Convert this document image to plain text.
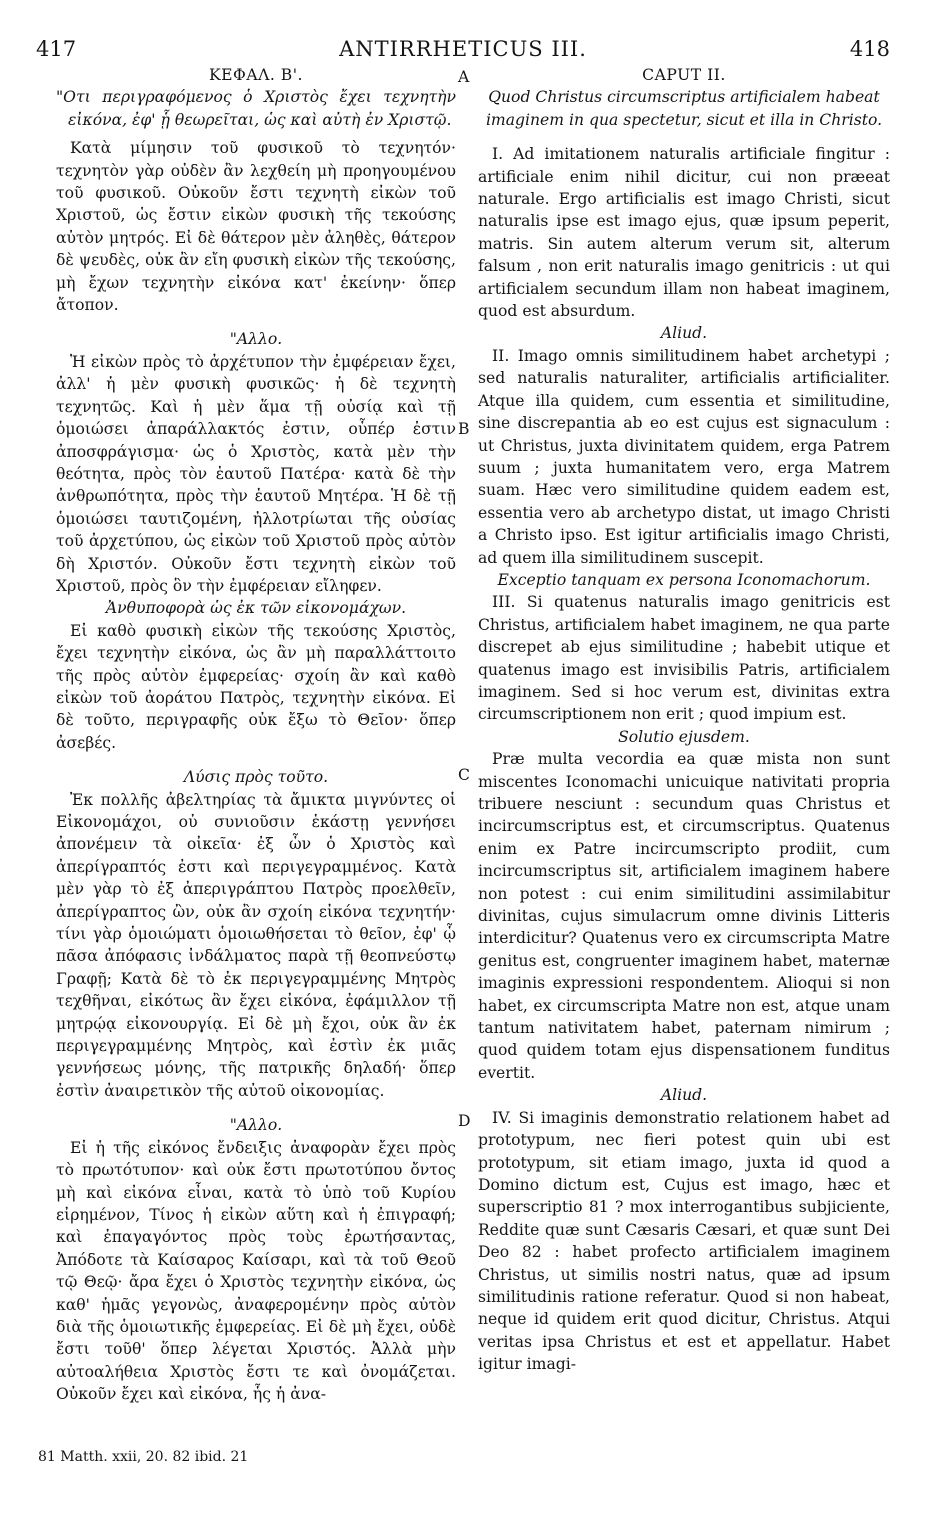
417	ANTIRRHETICUS III.	418
A
B
C
D

ΚΕΦΑΛ. Β'.

"Οτι περιγραφόμενος ὁ Χριστὸς ἔχει τεχνητὴν εἰκόνα, ἐφ' ᾗ θεωρεῖται, ὡς καὶ αὐτὴ ἐν Χριστῷ.

Κατὰ μίμησιν τοῦ φυσικοῦ τὸ τεχνητόν· τεχνητὸν γὰρ οὐδὲν ἂν λεχθείη μὴ προηγουμένου τοῦ φυσικοῦ. Οὐκοῦν ἔστι τεχνητὴ εἰκὼν τοῦ Χριστοῦ, ὡς ἔστιν εἰκὼν φυσικὴ τῆς τεκούσης αὐτὸν μητρός. Εἰ δὲ θάτερον μὲν ἀληθὲς, θάτερον δὲ ψευδὲς, οὐκ ἂν εἴη φυσικὴ εἰκὼν τῆς τεκούσης, μὴ ἔχων τεχνητὴν εἰκόνα κατ' ἐκείνην· ὅπερ ἄτοπον.

"Αλλο.

Ἡ εἰκὼν πρὸς τὸ ἀρχέτυπον τὴν ἐμφέρειαν ἔχει, ἀλλ' ἡ μὲν φυσικὴ φυσικῶς· ἡ δὲ τεχνητὴ τεχνητῶς. Καὶ ἡ μὲν ἅμα τῇ οὐσίᾳ καὶ τῇ ὁμοιώσει ἀπαράλλακτός ἐστιν, οὗπέρ ἐστιν ἀποσφράγισμα· ὡς ὁ Χριστὸς, κατὰ μὲν τὴν θεότητα, πρὸς τὸν ἑαυτοῦ Πατέρα· κατὰ δὲ τὴν ἀνθρωπότητα, πρὸς τὴν ἑαυτοῦ Μητέρα. Ἡ δὲ τῇ ὁμοιώσει ταυτιζομένη, ἠλλοτρίωται τῆς οὐσίας τοῦ ἀρχετύπου, ὡς εἰκὼν τοῦ Χριστοῦ πρὸς αὐτὸν δὴ Χριστόν. Οὐκοῦν ἔστι τεχνητὴ εἰκὼν τοῦ Χριστοῦ, πρὸς ὃν τὴν ἐμφέρειαν εἴληφεν.

Ἀνθυποφορὰ ὡς ἐκ τῶν εἰκονομάχων.

Εἰ καθὸ φυσικὴ εἰκὼν τῆς τεκούσης Χριστὸς, ἔχει τεχνητὴν εἰκόνα, ὡς ἂν μὴ παραλλάττοιτο τῆς πρὸς αὐτὸν ἐμφερείας· σχοίη ἂν καὶ καθὸ εἰκὼν τοῦ ἀοράτου Πατρὸς, τεχνητὴν εἰκόνα. Εἰ δὲ τοῦτο, περιγραφῆς οὐκ ἔξω τὸ Θεῖον· ὅπερ ἀσεβές.

Λύσις πρὸς τοῦτο.

Ἐκ πολλῆς ἀβελτηρίας τὰ ἄμικτα μιγνύντες οἱ Εἰκονομάχοι, οὐ συνιοῦσιν ἑκάστῃ γεννήσει ἀπονέμειν τὰ οἰκεῖα· ἐξ ὧν ὁ Χριστὸς καὶ ἀπερίγραπτός ἐστι καὶ περιγεγραμμένος. Κατὰ μὲν γὰρ τὸ ἐξ ἀπεριγράπτου Πατρὸς προελθεῖν, ἀπερίγραπτος ὢν, οὐκ ἂν σχοίη εἰκόνα τεχνητήν· τίνι γὰρ ὁμοιώματι ὁμοιωθήσεται τὸ θεῖον, ἐφ' ᾧ πᾶσα ἀπόφασις ἰνδάλματος παρὰ τῇ θεοπνεύστῳ Γραφῇ; Κατὰ δὲ τὸ ἐκ περιγεγραμμένης Μητρὸς τεχθῆναι, εἰκότως ἂν ἔχει εἰκόνα, ἐφάμιλλον τῇ μητρῴᾳ εἰκονουργίᾳ. Εἰ δὲ μὴ ἔχοι, οὐκ ἂν ἐκ περιγεγραμμένης Μητρὸς, καὶ ἐστὶν ἐκ μιᾶς γεννήσεως μόνης, τῆς πατρικῆς δηλαδή· ὅπερ ἐστὶν ἀναιρετικὸν τῆς αὐτοῦ οἰκονομίας.

"Αλλο.

Εἰ ἡ τῆς εἰκόνος ἔνδειξις ἀναφορὰν ἔχει πρὸς τὸ πρωτότυπον· καὶ οὐκ ἔστι πρωτοτύπου ὄντος μὴ καὶ εἰκόνα εἶναι, κατὰ τὸ ὑπὸ τοῦ Κυρίου εἰρημένον, Τίνος ἡ εἰκὼν αὕτη καὶ ἡ ἐπιγραφή; καὶ ἐπαγαγόντος πρὸς τοὺς ἐρωτήσαντας, Ἀπόδοτε τὰ Καίσαρος Καίσαρι, καὶ τὰ τοῦ Θεοῦ τῷ Θεῷ· ἄρα ἔχει ὁ Χριστὸς τεχνητὴν εἰκόνα, ὡς καθ' ἡμᾶς γεγονὼς, ἀναφερομένην πρὸς αὐτὸν διὰ τῆς ὁμοιωτικῆς ἐμφερείας. Εἰ δὲ μὴ ἔχει, οὐδὲ ἔστι τοῦθ' ὅπερ λέγεται Χριστός. Ἀλλὰ μὴν αὐτοαλήθεια Χριστὸς ἔστι τε καὶ ὀνομάζεται. Οὐκοῦν ἔχει καὶ εἰκόνα, ἧς ἡ ἀνα-

CAPUT II.

Quod Christus circumscriptus artificialem habeat imaginem in qua spectetur, sicut et illa in Christo.

I. Ad imitationem naturalis artificiale fingitur : artificiale enim nihil dicitur, cui non præeat naturale. Ergo artificialis est imago Christi, sicut naturalis ipse est imago ejus, quæ ipsum peperit, matris. Sin autem alterum verum sit, alterum falsum , non erit naturalis imago genitricis : ut qui artificialem secundum illam non habeat imaginem, quod est absurdum.

Aliud.

II. Imago omnis similitudinem habet archetypi ; sed naturalis naturaliter, artificialis artificialiter. Atque illa quidem, cum essentia et similitudine, sine discrepantia ab eo est cujus est signaculum : ut Christus, juxta divinitatem quidem, erga Patrem suum ; juxta humanitatem vero, erga Matrem suam. Hæc vero similitudine quidem eadem est, essentia vero ab archetypo distat, ut imago Christi a Christo ipso. Est igitur artificialis imago Christi, ad quem illa similitudinem suscepit.

Exceptio tanquam ex persona Iconomachorum.

III. Si quatenus naturalis imago genitricis est Christus, artificialem habet imaginem, ne qua parte discrepet ab ejus similitudine ; habebit utique et quatenus imago est invisibilis Patris, artificialem imaginem. Sed si hoc verum est, divinitas extra circumscriptionem non erit ; quod impium est.

Solutio ejusdem.

Præ multa vecordia ea quæ mista non sunt miscentes Iconomachi unicuique nativitati propria tribuere nesciunt : secundum quas Christus et incircumscriptus est, et circumscriptus. Quatenus enim ex Patre incircumscripto prodiit, cum incircumscriptus sit, artificialem imaginem habere non potest : cui enim similitudini assimilabitur divinitas, cujus simulacrum omne divinis Litteris interdicitur? Quatenus vero ex circumscripta Matre genitus est, congruenter imaginem habet, maternæ imaginis expressioni respondentem. Alioqui si non habet, ex circumscripta Matre non est, atque unam tantum nativitatem habet, paternam nimirum ; quod quidem totam ejus dispensationem funditus evertit.

Aliud.

IV. Si imaginis demonstratio relationem habet ad prototypum, nec fieri potest quin ubi est prototypum, sit etiam imago, juxta id quod a Domino dictum est, Cujus est imago, hæc et superscriptio 81 ? mox interrogantibus subjiciente, Reddite quæ sunt Cæsaris Cæsari, et quæ sunt Dei Deo 82 : habet profecto artificialem imaginem Christus, ut similis nostri natus, quæ ad ipsum similitudinis ratione referatur. Quod si non habeat, neque id quidem erit quod dicitur, Christus. Atqui veritas ipsa Christus et est et appellatur. Habet igitur imagi-

81 Matth. xxii, 20. 82 ibid. 21
